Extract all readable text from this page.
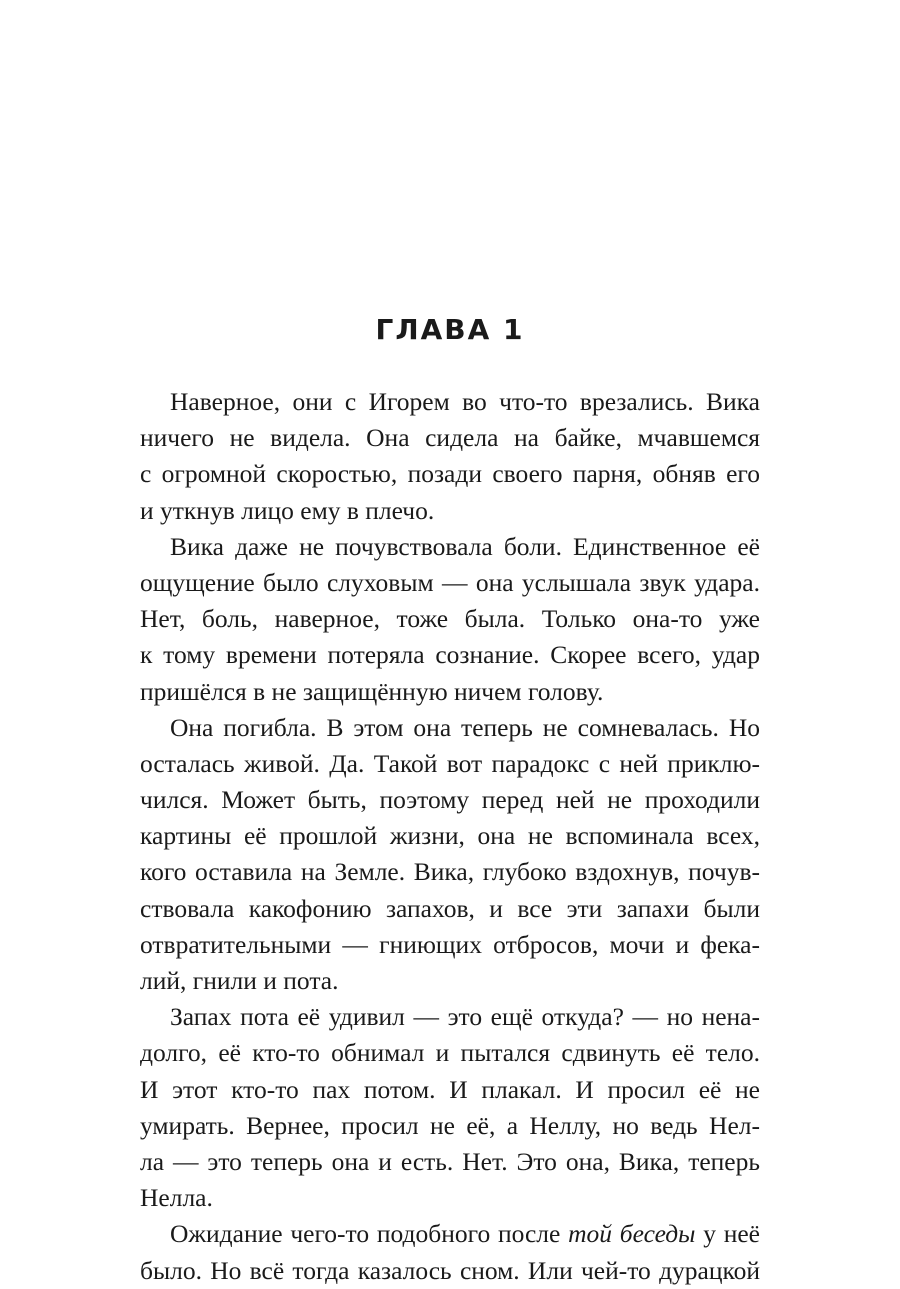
ГЛАВА 1
Наверное, они с Игорем во что-то врезались. Вика
ничего не видела. Она сидела на байке, мчавшемся
с огромной скоростью, позади своего парня, обняв его
и уткнув лицо ему в плечо.
Вика даже не почувствовала боли. Единственное её
ощущение было слуховым — она услышала звук удара.
Нет, боль, наверное, тоже была. Только она-то уже
к тому времени потеряла сознание. Скорее всего, удар
пришёлся в не защищённую ничем голову.
Она погибла. В этом она теперь не сомневалась. Но
осталась живой. Да. Такой вот парадокс с ней приклю-
чился. Может быть, поэтому перед ней не проходили
картины её прошлой жизни, она не вспоминала всех,
кого оставила на Земле. Вика, глубоко вздохнув, почув-
ствовала какофонию запахов, и все эти запахи были
отвратительными — гниющих отбросов, мочи и фека-
лий, гнили и пота.
Запах пота её удивил — это ещё откуда? — но нена-
долго, её кто-то обнимал и пытался сдвинуть её тело.
И этот кто-то пах потом. И плакал. И просил её не
умирать. Вернее, просил не её, а Неллу, но ведь Нел-
ла — это теперь она и есть. Нет. Это она, Вика, теперь
Нелла.
Ожидание чего-то подобного после той беседы у неё
было. Но всё тогда казалось сном. Или чей-то дурацкой
